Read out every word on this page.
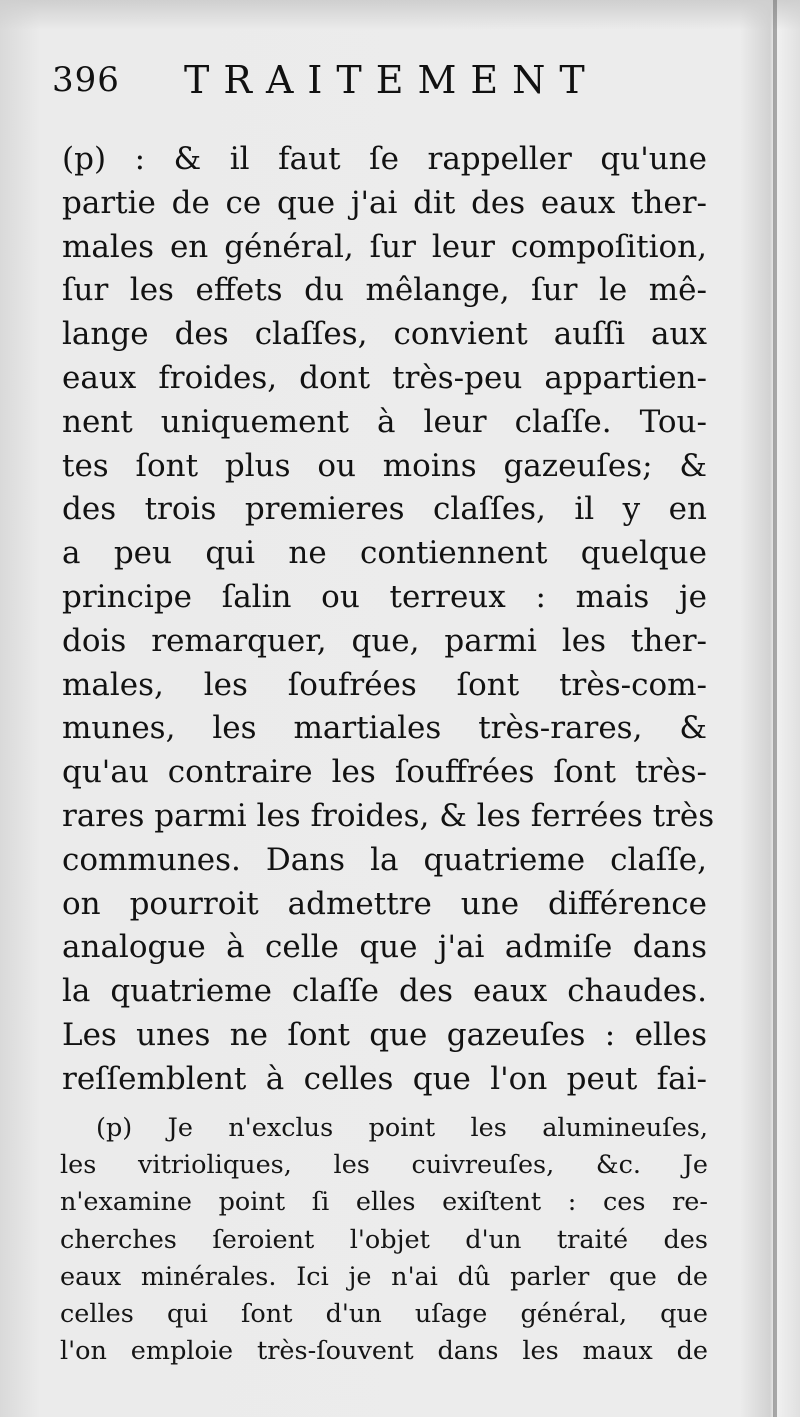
396 TRAITEMENT
(p) : & il faut ſe rappeller qu'une
partie de ce que j'ai dit des eaux ther-
males en général, ſur leur compoſition,
ſur les effets du mêlange, ſur le mê-
lange des claſſes, convient auſſi aux
eaux froides, dont très-peu appartien-
nent uniquement à leur claſſe. Tou-
tes ſont plus ou moins gazeuſes; &
des trois premieres claſſes, il y en
a peu qui ne contiennent quelque
principe ſalin ou terreux : mais je
dois remarquer, que, parmi les ther-
males, les ſoufrées ſont très-com-
munes, les martiales très-rares, &
qu'au contraire les ſouffrées ſont très-
rares parmi les froides, & les ferrées très
communes. Dans la quatrieme claſſe,
on pourroit admettre une différence
analogue à celle que j'ai admiſe dans
la quatrieme claſſe des eaux chaudes.
Les unes ne ſont que gazeuſes : elles
reſſemblent à celles que l'on peut fai-
(p) Je n'exclus point les alumineuſes,
les vitrioliques, les cuivreuſes, &c. Je
n'examine point ſi elles exiſtent : ces re-
cherches ſeroient l'objet d'un traité des
eaux minérales. Ici je n'ai dû parler que de
celles qui ſont d'un uſage général, que
l'on emploie très-ſouvent dans les maux de
